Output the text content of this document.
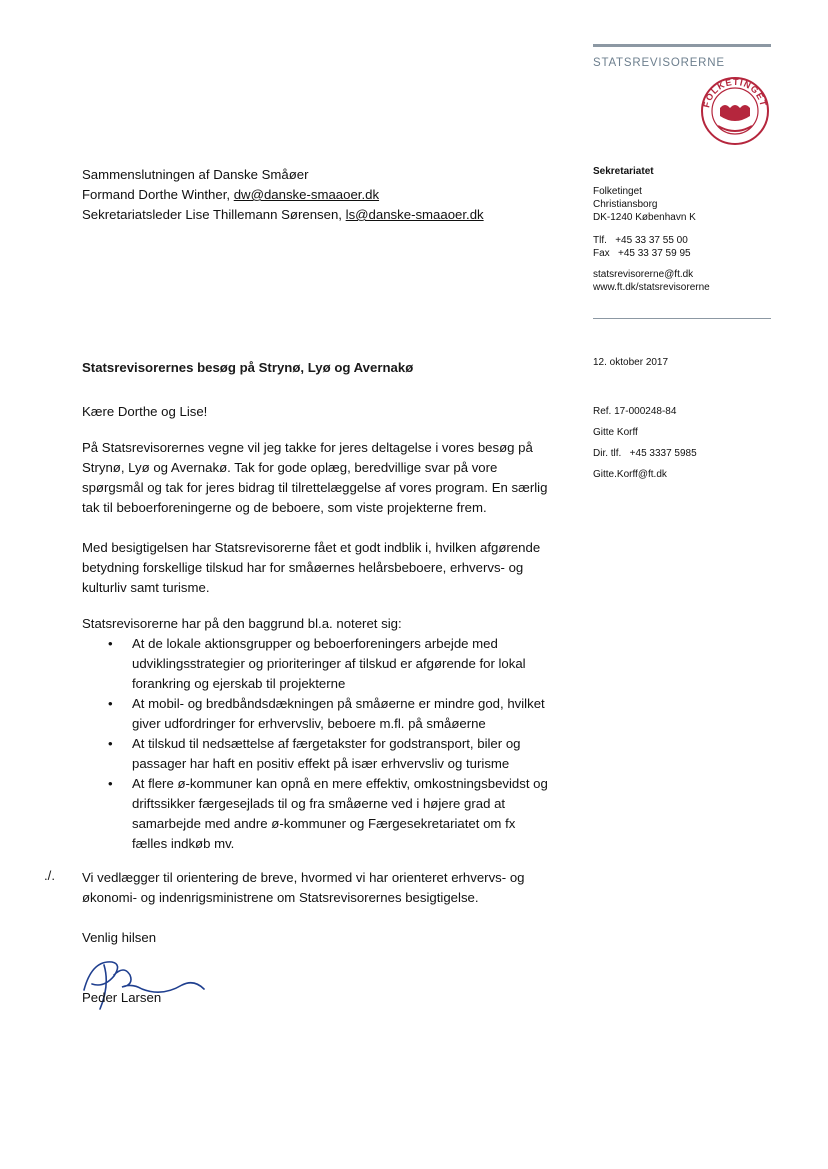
STATSREVISORERNE
FOLKETINGET
Sammenslutningen af Danske Småøer
Formand Dorthe Winther, dw@danske-smaaoer.dk
Sekretariatsleder Lise Thillemann Sørensen, ls@danske-smaaoer.dk
Sekretariatet
Folketinget
Christiansborg
DK-1240 København K
Tlf.   +45 33 37 55 00
Fax   +45 33 37 59 95
statsrevisorerne@ft.dk
www.ft.dk/statsrevisorerne
12. oktober 2017
Ref. 17-000248-84
Gitte Korff
Dir. tlf.   +45 3337 5985
Gitte.Korff@ft.dk
Statsrevisorernes besøg på Strynø, Lyø og Avernakø

Kære Dorthe og Lise!

På Statsrevisorernes vegne vil jeg takke for jeres deltagelse i vores besøg på Strynø, Lyø og Avernakø. Tak for gode oplæg, beredvillige svar på vore spørgsmål og tak for jeres bidrag til tilrettelæggelse af vores program. En særlig tak til beboerforeningerne og de beboere, som viste projekterne frem.

Med besigtigelsen har Statsrevisorerne fået et godt indblik i, hvilken afgørende betydning forskellige tilskud har for småøernes helårsbeboere, erhvervs- og kulturliv samt turisme.

Statsrevisorerne har på den baggrund bl.a. noteret sig:

• At de lokale aktionsgrupper og beboerforeningers arbejde med udviklingsstrategier og prioriteringer af tilskud er afgørende for lokal forankring og ejerskab til projekterne
• At mobil- og bredbåndsdækningen på småøerne er mindre god, hvilket giver udfordringer for erhvervsliv, beboere m.fl. på småøerne
• At tilskud til nedsættelse af færgetakster for godstransport, biler og passager har haft en positiv effekt på især erhvervsliv og turisme
• At flere ø-kommuner kan opnå en mere effektiv, omkostningsbevidst og driftssikker færgesejlads til og fra småøerne ved i højere grad at samarbejde med andre ø-kommuner og Færgesekretariatet om fx fælles indkøb mv.
./. Vi vedlægger til orientering de breve, hvormed vi har orienteret erhvervs- og økonomi- og indenrigsministrene om Statsrevisorernes besigtigelse.

Venlig hilsen

Peder Larsen
